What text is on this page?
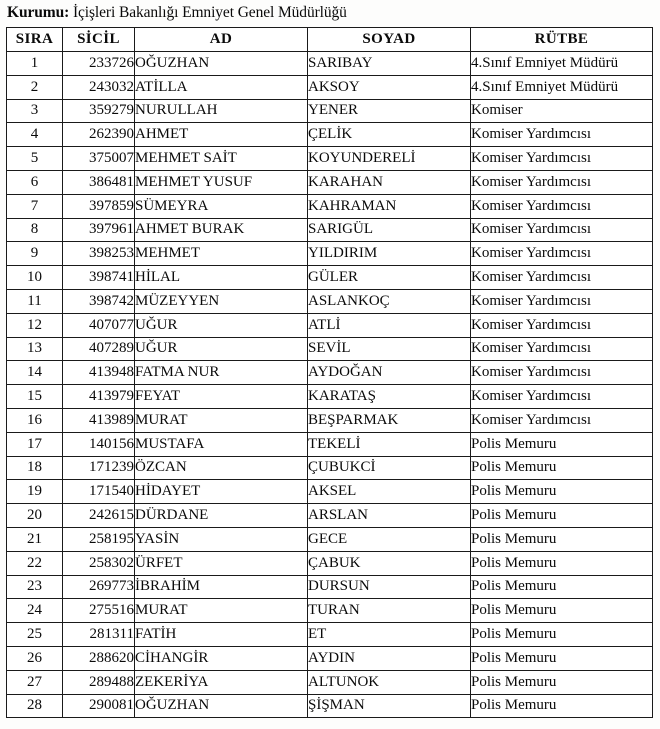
Kurumu: İçişleri Bakanlığı Emniyet Genel Müdürlüğü
SIRA	SİCİL	AD	SOYAD	RÜTBE
1	233726	OĞUZHAN	SARIBAY	4.Sınıf Emniyet Müdürü
2	243032	ATİLLA	AKSOY	4.Sınıf Emniyet Müdürü
3	359279	NURULLAH	YENER	Komiser
4	262390	AHMET	ÇELİK	Komiser Yardımcısı
5	375007	MEHMET SAİT	KOYUNDERELİ	Komiser Yardımcısı
6	386481	MEHMET YUSUF	KARAHAN	Komiser Yardımcısı
7	397859	SÜMEYRA	KAHRAMAN	Komiser Yardımcısı
8	397961	AHMET BURAK	SARIGÜL	Komiser Yardımcısı
9	398253	MEHMET	YILDIRIM	Komiser Yardımcısı
10	398741	HİLAL	GÜLER	Komiser Yardımcısı
11	398742	MÜZEYYEN	ASLANKOÇ	Komiser Yardımcısı
12	407077	UĞUR	ATLİ	Komiser Yardımcısı
13	407289	UĞUR	SEVİL	Komiser Yardımcısı
14	413948	FATMA NUR	AYDOĞAN	Komiser Yardımcısı
15	413979	FEYAT	KARATAŞ	Komiser Yardımcısı
16	413989	MURAT	BEŞPARMAK	Komiser Yardımcısı
17	140156	MUSTAFA	TEKELİ	Polis Memuru
18	171239	ÖZCAN	ÇUBUKCİ	Polis Memuru
19	171540	HİDAYET	AKSEL	Polis Memuru
20	242615	DÜRDANE	ARSLAN	Polis Memuru
21	258195	YASİN	GECE	Polis Memuru
22	258302	ÜRFET	ÇABUK	Polis Memuru
23	269773	İBRAHİM	DURSUN	Polis Memuru
24	275516	MURAT	TURAN	Polis Memuru
25	281311	FATİH	ET	Polis Memuru
26	288620	CİHANGİR	AYDIN	Polis Memuru
27	289488	ZEKERİYA	ALTUNOK	Polis Memuru
28	290081	OĞUZHAN	ŞİŞMAN	Polis Memuru
